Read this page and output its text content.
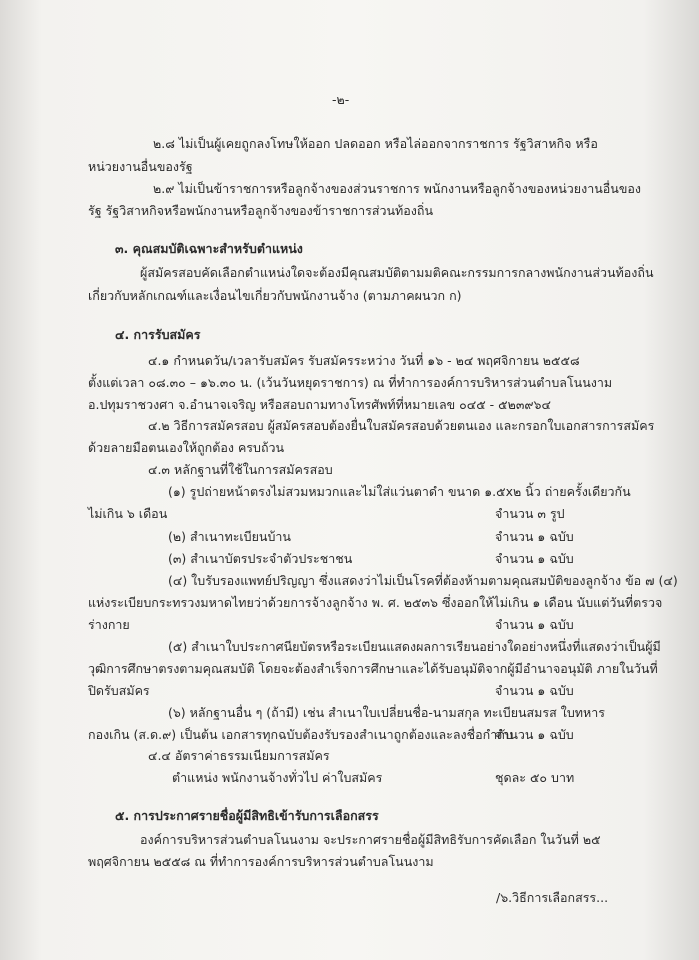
-๒-
๒.๘ ไม่เป็นผู้เคยถูกลงโทษให้ออก ปลดออก หรือไล่ออกจากราชการ รัฐวิสาหกิจ หรือ
หน่วยงานอื่นของรัฐ
๒.๙ ไม่เป็นข้าราชการหรือลูกจ้างของส่วนราชการ พนักงานหรือลูกจ้างของหน่วยงานอื่นของ
รัฐ รัฐวิสาหกิจหรือพนักงานหรือลูกจ้างของข้าราชการส่วนท้องถิ่น
๓. คุณสมบัติเฉพาะสำหรับตำแหน่ง
ผู้สมัครสอบคัดเลือกตำแหน่งใดจะต้องมีคุณสมบัติตามมติคณะกรรมการกลางพนักงานส่วนท้องถิ่น
เกี่ยวกับหลักเกณฑ์และเงื่อนไขเกี่ยวกับพนักงานจ้าง (ตามภาคผนวก ก)
๔. การรับสมัคร
๔.๑ กำหนดวัน/เวลารับสมัคร รับสมัครระหว่าง วันที่ ๑๖ - ๒๔ พฤศจิกายน ๒๕๕๘
ตั้งแต่เวลา ๐๘.๓๐ – ๑๖.๓๐ น. (เว้นวันหยุดราชการ) ณ ที่ทำการองค์การบริหารส่วนตำบลโนนงาม
อ.ปทุมราชวงศา จ.อำนาจเจริญ หรือสอบถามทางโทรศัพท์ที่หมายเลข ๐๔๕ - ๕๒๓๙๖๔
๔.๒ วิธีการสมัครสอบ ผู้สมัครสอบต้องยื่นใบสมัครสอบด้วยตนเอง และกรอกใบเอกสารการสมัคร
ด้วยลายมือตนเองให้ถูกต้อง ครบถ้วน
๔.๓ หลักฐานที่ใช้ในการสมัครสอบ
(๑) รูปถ่ายหน้าตรงไม่สวมหมวกและไม่ใส่แว่นตาดำ ขนาด ๑.๕x๒ นิ้ว ถ่ายครั้งเดียวกัน
ไม่เกิน ๖ เดือน	จำนวน ๓ รูป
(๒) สำเนาทะเบียนบ้าน	จำนวน ๑ ฉบับ
(๓) สำเนาบัตรประจำตัวประชาชน	จำนวน ๑ ฉบับ
(๔) ใบรับรองแพทย์ปริญญา ซึ่งแสดงว่าไม่เป็นโรคที่ต้องห้ามตามคุณสมบัติของลูกจ้าง ข้อ ๗ (๔)
แห่งระเบียบกระทรวงมหาดไทยว่าด้วยการจ้างลูกจ้าง พ. ศ. ๒๕๓๖ ซึ่งออกให้ไม่เกิน ๑ เดือน นับแต่วันที่ตรวจ
ร่างกาย	จำนวน ๑ ฉบับ
(๕) สำเนาใบประกาศนียบัตรหรือระเบียนแสดงผลการเรียนอย่างใดอย่างหนึ่งที่แสดงว่าเป็นผู้มี
วุฒิการศึกษาตรงตามคุณสมบัติ โดยจะต้องสำเร็จการศึกษาและได้รับอนุมัติจากผู้มีอำนาจอนุมัติ ภายในวันที่
ปิดรับสมัคร	จำนวน ๑ ฉบับ
(๖) หลักฐานอื่น ๆ (ถ้ามี) เช่น สำเนาใบเปลี่ยนชื่อ-นามสกุล ทะเบียนสมรส ใบทหาร
กองเกิน (ส.ด.๙) เป็นต้น เอกสารทุกฉบับต้องรับรองสำเนาถูกต้องและลงชื่อกำกับ
จำนวน ๑ ฉบับ
๔.๔ อัตราค่าธรรมเนียมการสมัคร
ตำแหน่ง พนักงานจ้างทั่วไป ค่าใบสมัคร	ชุดละ ๕๐ บาท
๕. การประกาศรายชื่อผู้มีสิทธิเข้ารับการเลือกสรร
องค์การบริหารส่วนตำบลโนนงาม จะประกาศรายชื่อผู้มีสิทธิรับการคัดเลือก ในวันที่ ๒๕
พฤศจิกายน ๒๕๕๘ ณ ที่ทำการองค์การบริหารส่วนตำบลโนนงาม
/๖.วิธีการเลือกสรร...
